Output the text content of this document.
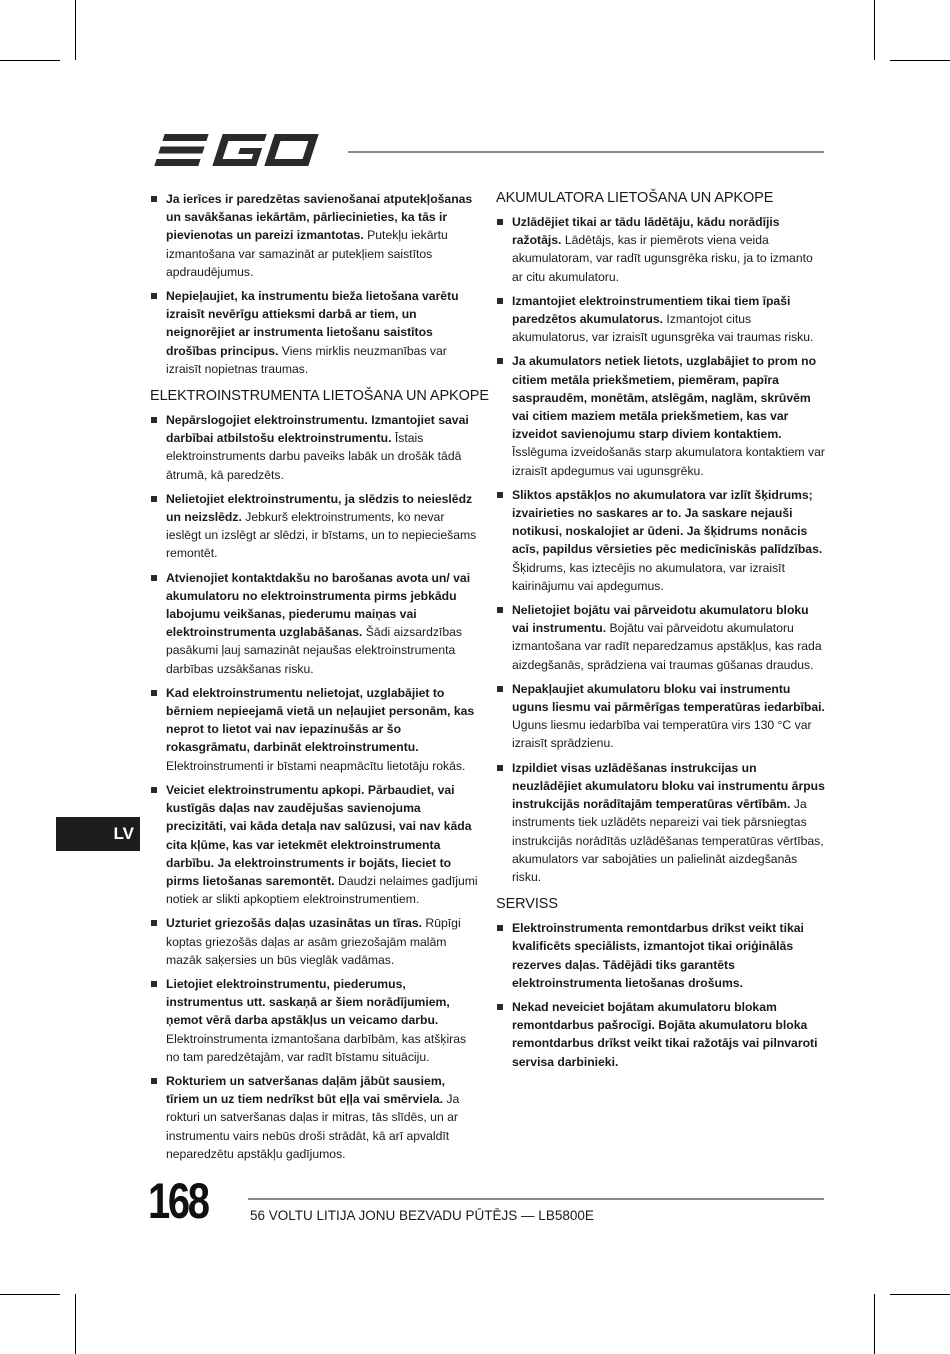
Ja ierīces ir paredzētas savienošanai atputekļošanas un savākšanas iekārtām, pārliecinieties, ka tās ir pievienotas un pareizi izmantotas. Putekļu iekārtu izmantošana var samazināt ar putekļiem saistītos apdraudējumus.
Nepieļaujiet, ka instrumentu bieža lietošana varētu izraisīt nevērīgu attieksmi darbā ar tiem, un neignorējiet ar instrumenta lietošanu saistītos drošības principus. Viens mirklis neuzmanības var izraisīt nopietnas traumas.
ELEKTROINSTRUMENTA LIETOŠANA UN APKOPE
Nepārslogojiet elektroinstrumentu. Izmantojiet savai darbībai atbilstošu elektroinstrumentu. Īstais elektroinstruments darbu paveiks labāk un drošāk tādā ātrumā, kā paredzēts.
Nelietojiet elektroinstrumentu, ja slēdzis to neieslēdz un neizslēdz. Jebkurš elektroinstruments, ko nevar ieslēgt un izslēgt ar slēdzi, ir bīstams, un to nepieciešams remontēt.
Atvienojiet kontaktdakšu no barošanas avota un/ vai akumulatoru no elektroinstrumenta pirms jebkādu labojumu veikšanas, piederumu maiņas vai elektroinstrumenta uzglabāšanas. Šādi aizsardzības pasākumi ļauj samazināt nejaušas elektroinstrumenta darbības uzsākšanas risku.
Kad elektroinstrumentu nelietojat, uzglabājiet to bērniem nepieejamā vietā un neļaujiet personām, kas neprot to lietot vai nav iepazinušās ar šo rokasgrāmatu, darbināt elektroinstrumentu. Elektroinstrumenti ir bīstami neapmācītu lietotāju rokās.
Veiciet elektroinstrumentu apkopi. Pārbaudiet, vai kustīgās daļas nav zaudējušas savienojuma precizitāti, vai kāda detaļa nav salūzusi, vai nav kāda cita kļūme, kas var ietekmēt elektroinstrumenta darbību. Ja elektroinstruments ir bojāts, lieciet to pirms lietošanas saremontēt. Daudzi nelaimes gadījumi notiek ar slikti apkoptiem elektroinstrumentiem.
Uzturiet griezošās daļas uzasinātas un tīras. Rūpīgi koptas griezošās daļas ar asām griezošajām malām mazāk saķersies un būs vieglāk vadāmas.
Lietojiet elektroinstrumentu, piederumus, instrumentus utt. saskaņā ar šiem norādījumiem, ņemot vērā darba apstākļus un veicamo darbu. Elektroinstrumenta izmantošana darbībām, kas atšķiras no tam paredzētajām, var radīt bīstamu situāciju.
Rokturiem un satveršanas daļām jābūt sausiem, tīriem un uz tiem nedrīkst būt eļļa vai smērviela. Ja rokturi un satveršanas daļas ir mitras, tās slīdēs, un ar instrumentu vairs nebūs droši strādāt, kā arī apvaldīt neparedzētu apstākļu gadījumos.
AKUMULATORA LIETOŠANA UN APKOPE
Uzlādējiet tikai ar tādu lādētāju, kādu norādījis ražotājs. Lādētājs, kas ir piemērots viena veida akumulatoram, var radīt ugunsgrēka risku, ja to izmanto ar citu akumulatoru.
Izmantojiet elektroinstrumentiem tikai tiem īpaši paredzētos akumulatorus. Izmantojot citus akumulatorus, var izraisīt ugunsgrēka vai traumas risku.
Ja akumulators netiek lietots, uzglabājiet to prom no citiem metāla priekšmetiem, piemēram, papīra saspraudēm, monētām, atslēgām, naglām, skrūvēm vai citiem maziem metāla priekšmetiem, kas var izveidot savienojumu starp diviem kontaktiem. Īsslēguma izveidošanās starp akumulatora kontaktiem var izraisīt apdegumus vai ugunsgrēku.
Sliktos apstākļos no akumulatora var izlīt šķidrums; izvairieties no saskares ar to. Ja saskare nejauši notikusi, noskalojiet ar ūdeni. Ja šķidrums nonācis acīs, papildus vērsieties pēc medicīniskās palīdzības. Šķidrums, kas iztecējis no akumulatora, var izraisīt kairinājumu vai apdegumus.
Nelietojiet bojātu vai pārveidotu akumulatoru bloku vai instrumentu. Bojātu vai pārveidotu akumulatoru izmantošana var radīt neparedzamus apstākļus, kas rada aizdegšanās, sprādziena vai traumas gūšanas draudus.
Nepakļaujiet akumulatoru bloku vai instrumentu uguns liesmu vai pārmērīgas temperatūras iedarbībai. Uguns liesmu iedarbība vai temperatūra virs 130 °C var izraisīt sprādzienu.
Izpildiet visas uzlādēšanas instrukcijas un neuzlādējiet akumulatoru bloku vai instrumentu ārpus instrukcijās norādītajām temperatūras vērtībām. Ja instruments tiek uzlādēts nepareizi vai tiek pārsniegtas instrukcijās norādītās uzlādēšanas temperatūras vērtības, akumulators var sabojāties un palielināt aizdegšanās risku.
SERVISS
Elektroinstrumenta remontdarbus drīkst veikt tikai kvalificēts speciālists, izmantojot tikai oriģinālās rezerves daļas. Tādējādi tiks garantēts elektroinstrumenta lietošanas drošums.
Nekad neveiciet bojātam akumulatoru blokam remontdarbus pašrocīgi. Bojāta akumulatoru bloka remontdarbus drīkst veikt tikai ražotājs vai pilnvaroti servisa darbinieki.
LV
168	56 VOLTU LITIJA JONU BEZVADU PŪTĒJS — LB5800E
